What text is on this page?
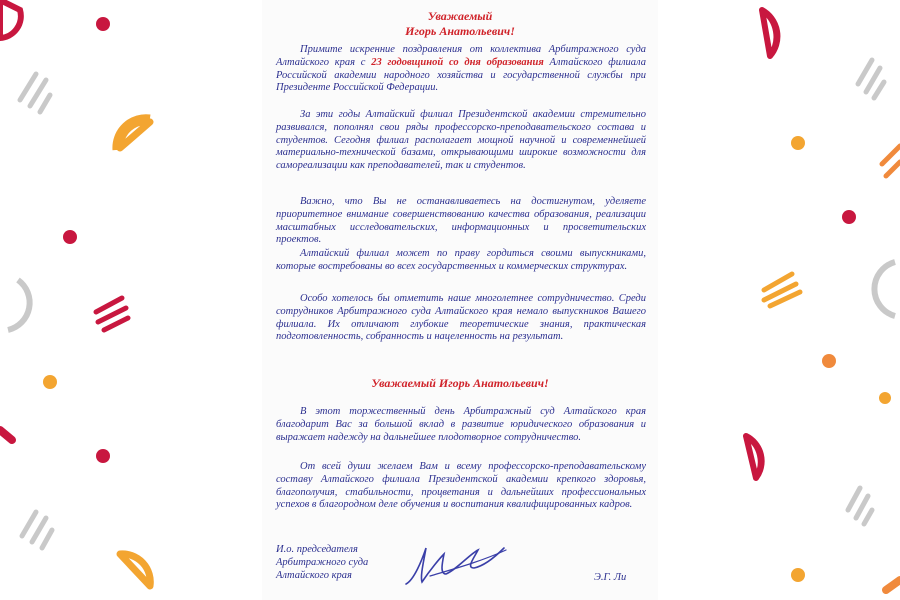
Уважаемый
Игорь Анатольевич!
Примите искренние поздравления от коллектива Арбитражного суда Алтайского края с 23 годовщиной со дня образования Алтайского филиала Российской академии народного хозяйства и государственной службы при Президенте Российской Федерации.
За эти годы Алтайский филиал Президентской академии стремительно развивался, пополнял свои ряды профессорско-преподавательского состава и студентов. Сегодня филиал располагает мощной научной и современнейшей материально-технической базами, открывающими широкие возможности для самореализации как преподавателей, так и студентов.
Важно, что Вы не останавливаетесь на достигнутом, уделяете приоритетное внимание совершенствованию качества образования, реализации масштабных исследовательских, информационных и просветительских проектов.
Алтайский филиал может по праву гордиться своими выпускниками, которые востребованы во всех государственных и коммерческих структурах.
Особо хотелось бы отметить наше многолетнее сотрудничество. Среди сотрудников Арбитражного суда Алтайского края немало выпускников Вашего филиала. Их отличают глубокие теоретические знания, практическая подготовленность, собранность и нацеленность на результат.
Уважаемый Игорь Анатольевич!
В этот торжественный день Арбитражный суд Алтайского края благодарит Вас за большой вклад в развитие юридического образования и выражает надежду на дальнейшее плодотворное сотрудничество.
От всей души желаем Вам и всему профессорско-преподавательскому составу Алтайского филиала Президентской академии крепкого здоровья, благополучия, стабильности, процветания и дальнейших профессиональных успехов в благородном деле обучения и воспитания квалифицированных кадров.
И.о. председателя
Арбитражного суда
Алтайского края	Э.Г. Ли
